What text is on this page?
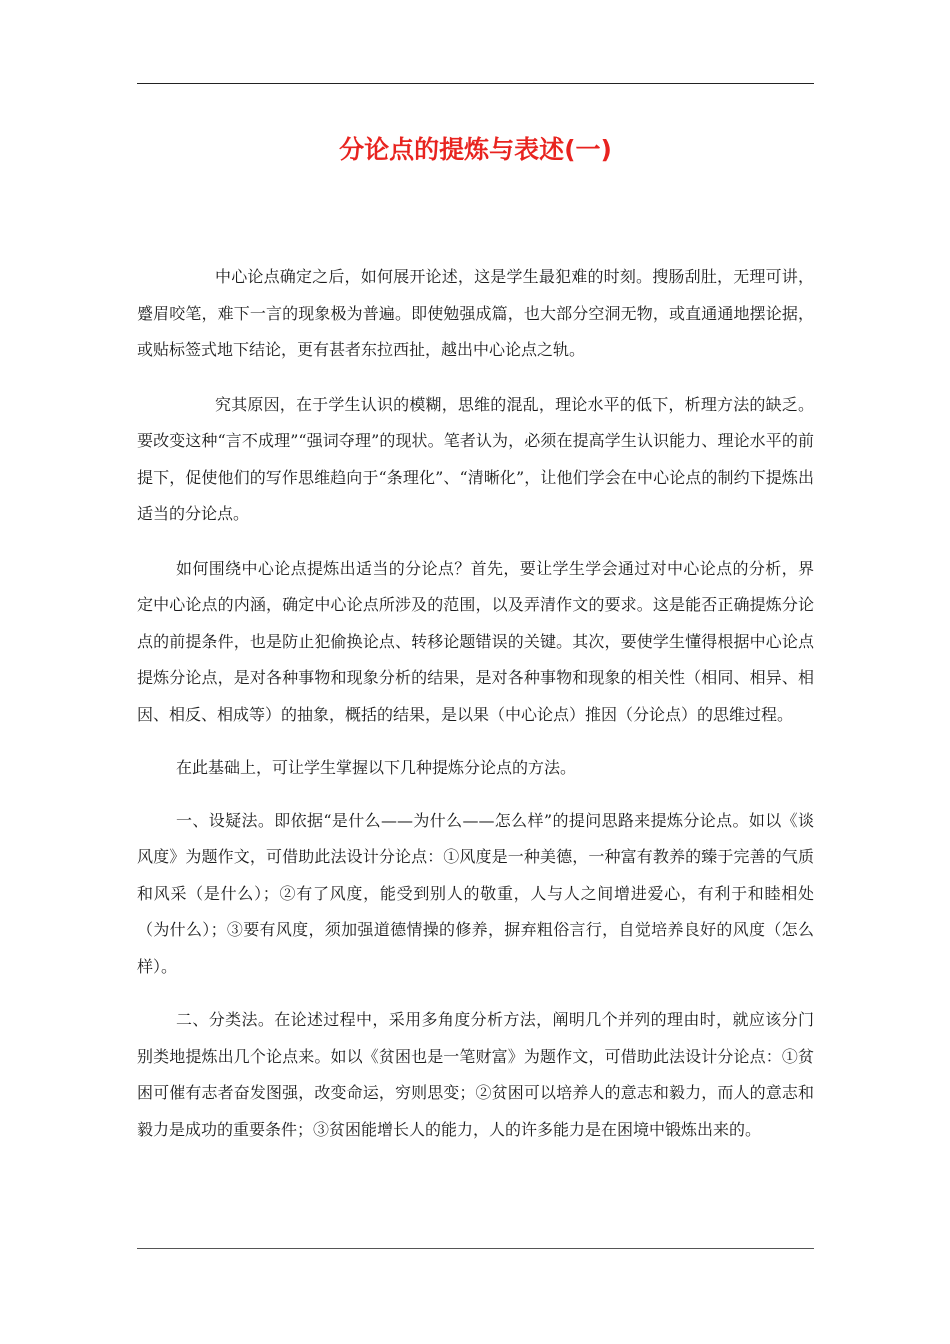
分论点的提炼与表述(一)

中心论点确定之后，如何展开论述，这是学生最犯难的时刻。搜肠刮肚，无理可讲，蹙眉咬笔，难下一言的现象极为普遍。即使勉强成篇，也大部分空洞无物，或直通通地摆论据，或贴标签式地下结论，更有甚者东拉西扯，越出中心论点之轨。

究其原因，在于学生认识的模糊，思维的混乱，理论水平的低下，析理方法的缺乏。要改变这种“言不成理”“强词夺理”的现状。笔者认为，必须在提高学生认识能力、理论水平的前提下，促使他们的写作思维趋向于“条理化”、“清晰化”，让他们学会在中心论点的制约下提炼出适当的分论点。

如何围绕中心论点提炼出适当的分论点？首先，要让学生学会通过对中心论点的分析，界定中心论点的内涵，确定中心论点所涉及的范围，以及弄清作文的要求。这是能否正确提炼分论点的前提条件，也是防止犯偷换论点、转移论题错误的关键。其次，要使学生懂得根据中心论点提炼分论点，是对各种事物和现象分析的结果，是对各种事物和现象的相关性（相同、相异、相因、相反、相成等）的抽象，概括的结果，是以果（中心论点）推因（分论点）的思维过程。

在此基础上，可让学生掌握以下几种提炼分论点的方法。

一、设疑法。即依据“是什么——为什么——怎么样”的提问思路来提炼分论点。如以《谈风度》为题作文，可借助此法设计分论点：①风度是一种美德，一种富有教养的臻于完善的气质和风采（是什么）；②有了风度，能受到别人的敬重，人与人之间增进爱心，有利于和睦相处（为什么）；③要有风度，须加强道德情操的修养，摒弃粗俗言行，自觉培养良好的风度（怎么样）。

二、分类法。在论述过程中，采用多角度分析方法，阐明几个并列的理由时，就应该分门别类地提炼出几个论点来。如以《贫困也是一笔财富》为题作文，可借助此法设计分论点：①贫困可催有志者奋发图强，改变命运，穷则思变；②贫困可以培养人的意志和毅力，而人的意志和毅力是成功的重要条件；③贫困能增长人的能力，人的许多能力是在困境中锻炼出来的。
